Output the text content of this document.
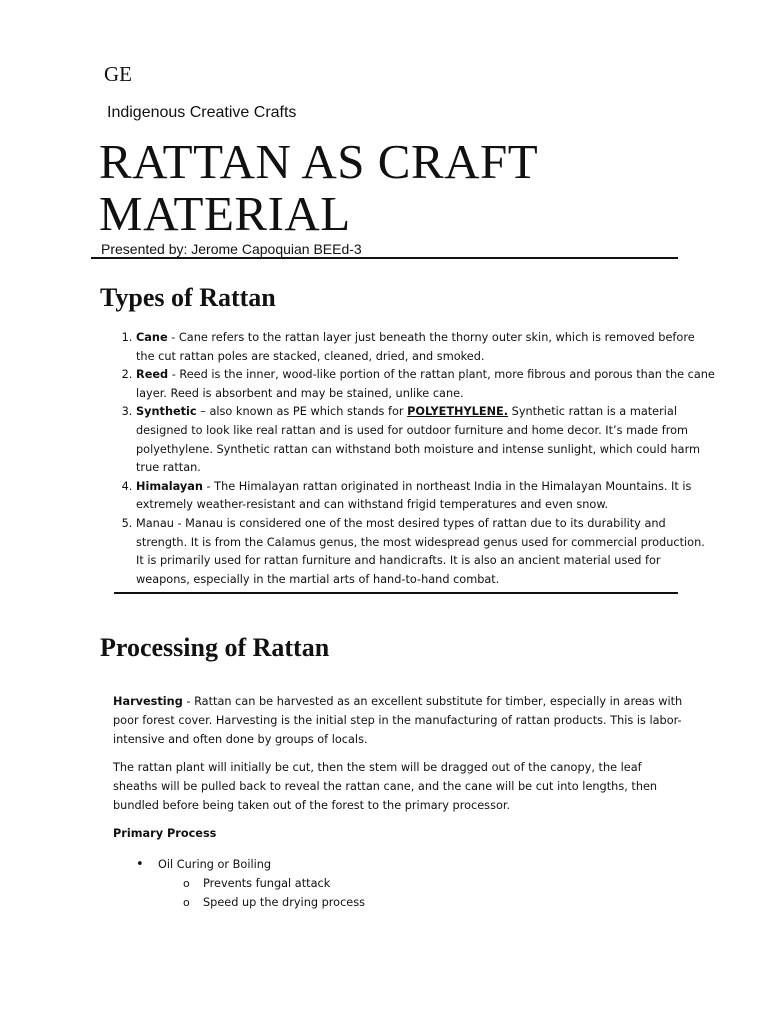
GE
Indigenous Creative Crafts
RATTAN AS CRAFT MATERIAL
Presented by: Jerome Capoquian BEEd-3
Types of Rattan
1. Cane - Cane refers to the rattan layer just beneath the thorny outer skin, which is removed before the cut rattan poles are stacked, cleaned, dried, and smoked.
2. Reed - Reed is the inner, wood-like portion of the rattan plant, more fibrous and porous than the cane layer. Reed is absorbent and may be stained, unlike cane.
3. Synthetic – also known as PE which stands for POLYETHYLENE. Synthetic rattan is a material designed to look like real rattan and is used for outdoor furniture and home decor. It’s made from polyethylene. Synthetic rattan can withstand both moisture and intense sunlight, which could harm true rattan.
4. Himalayan - The Himalayan rattan originated in northeast India in the Himalayan Mountains. It is extremely weather-resistant and can withstand frigid temperatures and even snow.
5. Manau - Manau is considered one of the most desired types of rattan due to its durability and strength. It is from the Calamus genus, the most widespread genus used for commercial production. It is primarily used for rattan furniture and handicrafts. It is also an ancient material used for weapons, especially in the martial arts of hand-to-hand combat.
Processing of Rattan
Harvesting - Rattan can be harvested as an excellent substitute for timber, especially in areas with poor forest cover. Harvesting is the initial step in the manufacturing of rattan products. This is labor-intensive and often done by groups of locals.
The rattan plant will initially be cut, then the stem will be dragged out of the canopy, the leaf sheaths will be pulled back to reveal the rattan cane, and the cane will be cut into lengths, then bundled before being taken out of the forest to the primary processor.
Primary Process
• Oil Curing or Boiling
o Prevents fungal attack
o Speed up the drying process
